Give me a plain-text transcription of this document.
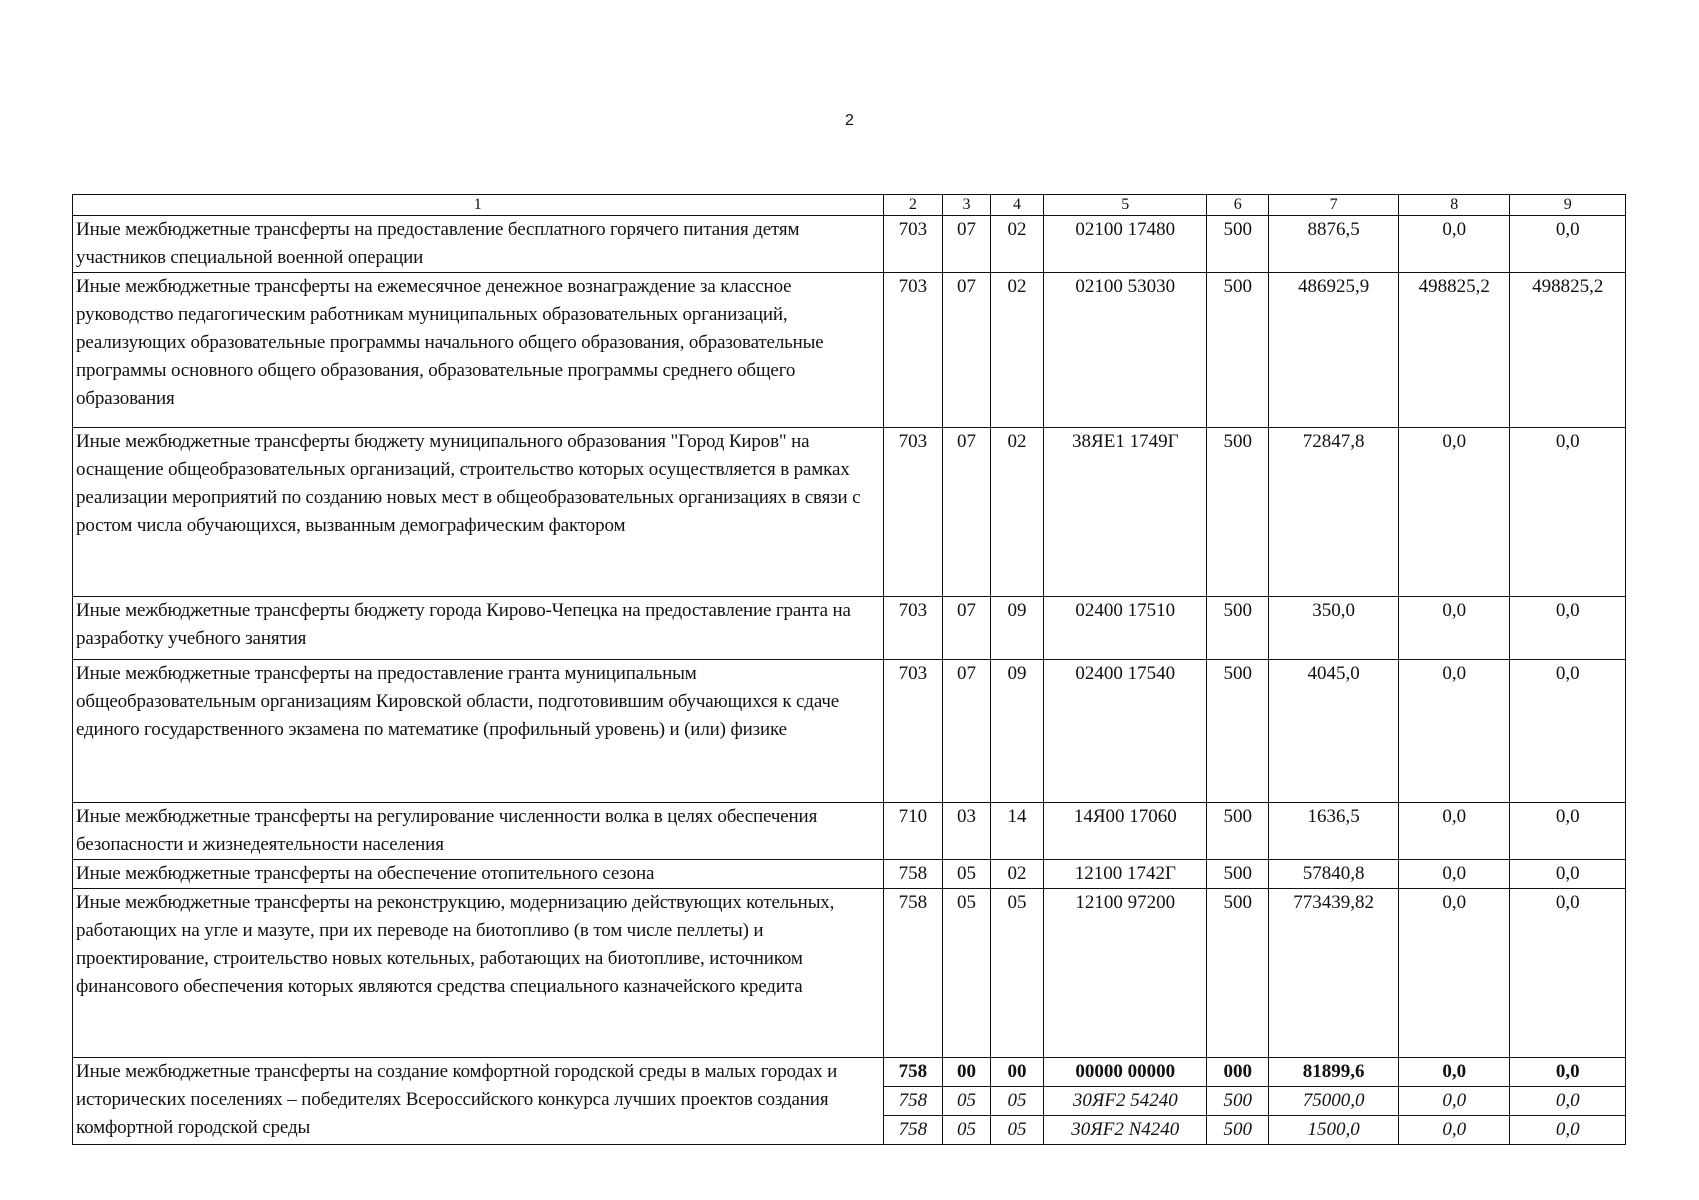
2
1	2	3	4	5	6	7	8	9
Иные межбюджетные трансферты на предоставление бесплатного горячего питания детям участников специальной военной операции	703	07	02	02100 17480	500	8876,5	0,0	0,0
Иные межбюджетные трансферты на ежемесячное денежное вознаграждение за классное руководство педагогическим работникам муниципальных образовательных организаций, реализующих образовательные программы начального общего образования, образовательные программы основного общего образования, образовательные программы среднего общего образования	703	07	02	02100 53030	500	486925,9	498825,2	498825,2
Иные межбюджетные трансферты бюджету муниципального образования "Город Киров" на оснащение общеобразовательных организаций, строительство которых осуществляется в рамках реализации мероприятий по созданию новых мест в общеобразовательных организациях в связи с ростом числа обучающихся, вызванным демографическим фактором	703	07	02	38ЯЕ1 1749Г	500	72847,8	0,0	0,0
Иные межбюджетные трансферты бюджету города Кирово-Чепецка на предоставление гранта на разработку учебного занятия	703	07	09	02400 17510	500	350,0	0,0	0,0
Иные межбюджетные трансферты на предоставление гранта муниципальным общеобразовательным организациям Кировской области, подготовившим обучающихся к сдаче единого государственного экзамена по математике (профильный уровень) и (или) физике	703	07	09	02400 17540	500	4045,0	0,0	0,0
Иные межбюджетные трансферты на регулирование численности волка в целях обеспечения безопасности и жизнедеятельности населения	710	03	14	14Я00 17060	500	1636,5	0,0	0,0
Иные межбюджетные трансферты на обеспечение отопительного сезона	758	05	02	12100 1742Г	500	57840,8	0,0	0,0
Иные межбюджетные трансферты на реконструкцию, модернизацию действующих котельных, работающих на угле и мазуте, при их переводе на биотопливо (в том числе пеллеты) и проектирование, строительство новых котельных, работающих на биотопливе, источником финансового обеспечения которых являются средства специального казначейского кредита	758	05	05	12100 97200	500	773439,82	0,0	0,0
Иные межбюджетные трансферты на создание комфортной городской среды в малых городах и исторических поселениях – победителях Всероссийского конкурса лучших проектов создания комфортной городской среды	758	00	00	00000 00000	000	81899,6	0,0	0,0
	758	05	05	30ЯF2 54240	500	75000,0	0,0	0,0
	758	05	05	30ЯF2 N4240	500	1500,0	0,0	0,0
